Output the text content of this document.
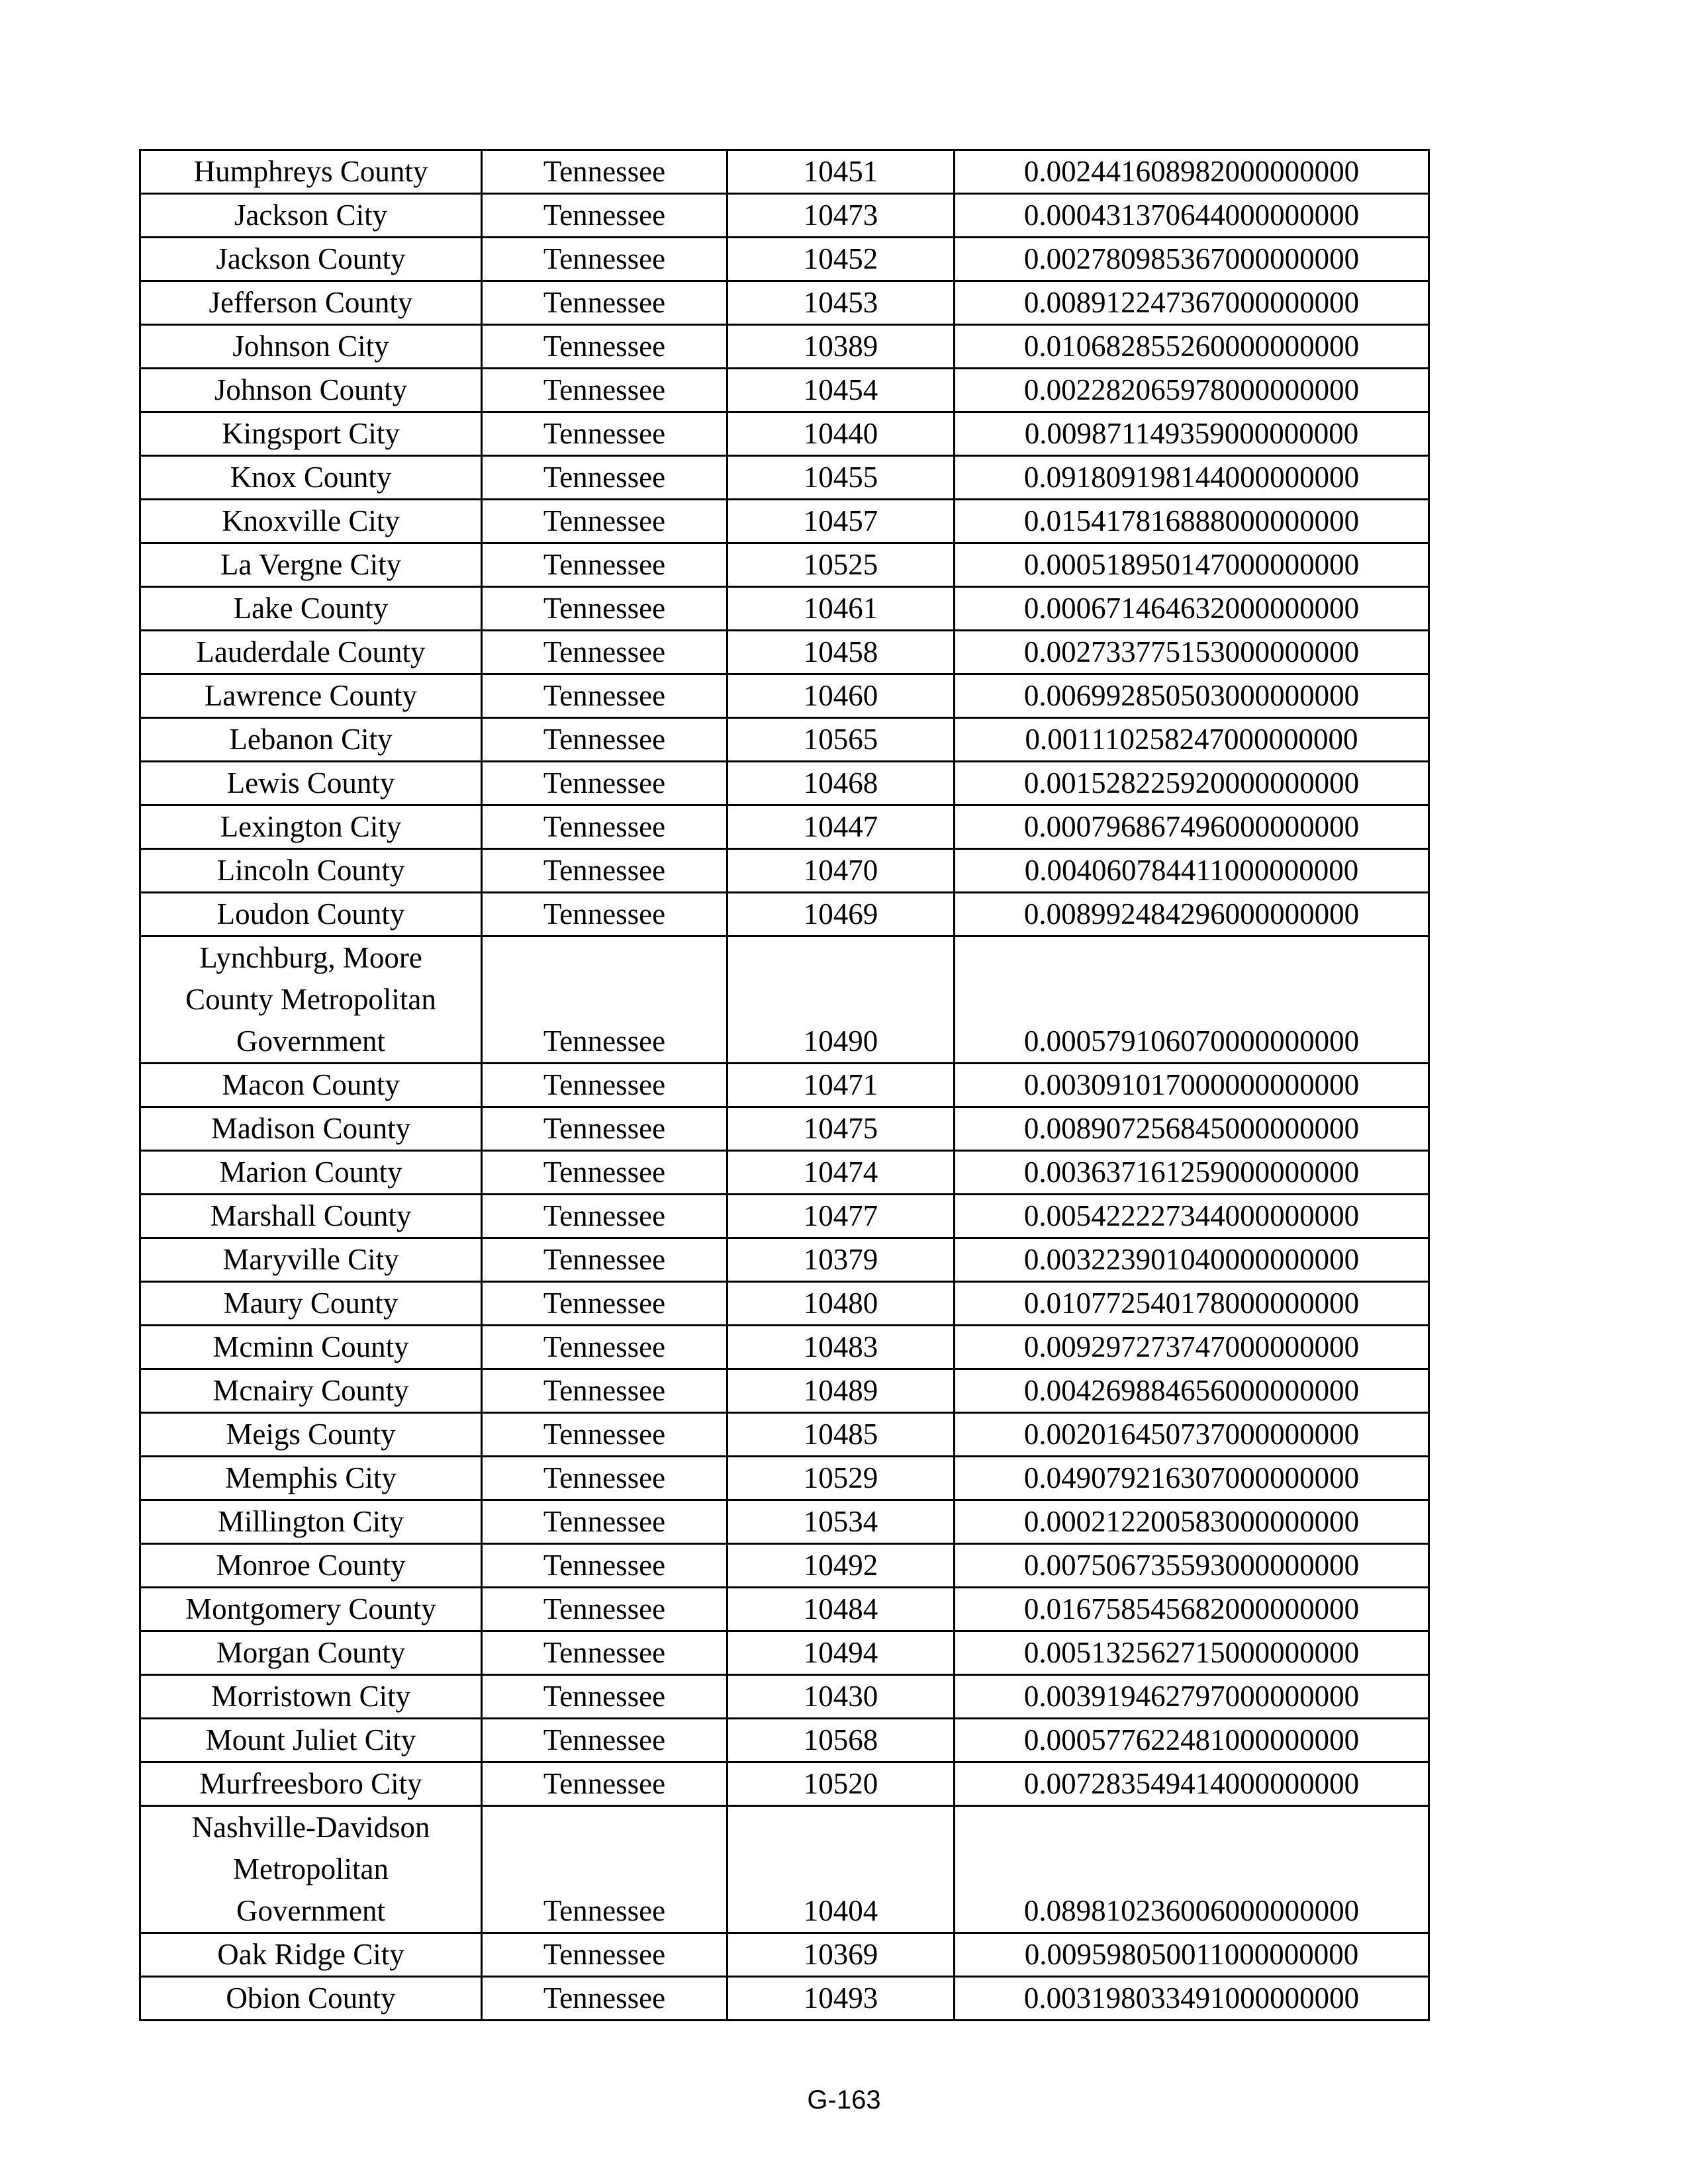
Humphreys County	Tennessee	10451	0.002441608982000000000

Jackson City	Tennessee	10473	0.000431370644000000000

Jackson County	Tennessee	10452	0.002780985367000000000

Jefferson County	Tennessee	10453	0.008912247367000000000

Johnson City	Tennessee	10389	0.010682855260000000000

Johnson County	Tennessee	10454	0.002282065978000000000

Kingsport City	Tennessee	10440	0.009871149359000000000

Knox County	Tennessee	10455	0.091809198144000000000

Knoxville City	Tennessee	10457	0.015417816888000000000

La Vergne City	Tennessee	10525	0.000518950147000000000

Lake County	Tennessee	10461	0.000671464632000000000

Lauderdale County	Tennessee	10458	0.002733775153000000000

Lawrence County	Tennessee	10460	0.006992850503000000000

Lebanon City	Tennessee	10565	0.001110258247000000000

Lewis County	Tennessee	10468	0.001528225920000000000

Lexington City	Tennessee	10447	0.000796867496000000000

Lincoln County	Tennessee	10470	0.004060784411000000000

Loudon County	Tennessee	10469	0.008992484296000000000

Lynchburg, Moore County Metropolitan Government	Tennessee	10490	0.000579106070000000000

Macon County	Tennessee	10471	0.003091017000000000000

Madison County	Tennessee	10475	0.008907256845000000000

Marion County	Tennessee	10474	0.003637161259000000000

Marshall County	Tennessee	10477	0.005422227344000000000

Maryville City	Tennessee	10379	0.003223901040000000000

Maury County	Tennessee	10480	0.010772540178000000000

Mcminn County	Tennessee	10483	0.009297273747000000000

Mcnairy County	Tennessee	10489	0.004269884656000000000

Meigs County	Tennessee	10485	0.002016450737000000000

Memphis City	Tennessee	10529	0.049079216307000000000

Millington City	Tennessee	10534	0.000212200583000000000

Monroe County	Tennessee	10492	0.007506735593000000000

Montgomery County	Tennessee	10484	0.016758545682000000000

Morgan County	Tennessee	10494	0.005132562715000000000

Morristown City	Tennessee	10430	0.003919462797000000000

Mount Juliet City	Tennessee	10568	0.000577622481000000000

Murfreesboro City	Tennessee	10520	0.007283549414000000000

Nashville-Davidson Metropolitan Government	Tennessee	10404	0.089810236006000000000

Oak Ridge City	Tennessee	10369	0.009598050011000000000

Obion County	Tennessee	10493	0.003198033491000000000
G-163
